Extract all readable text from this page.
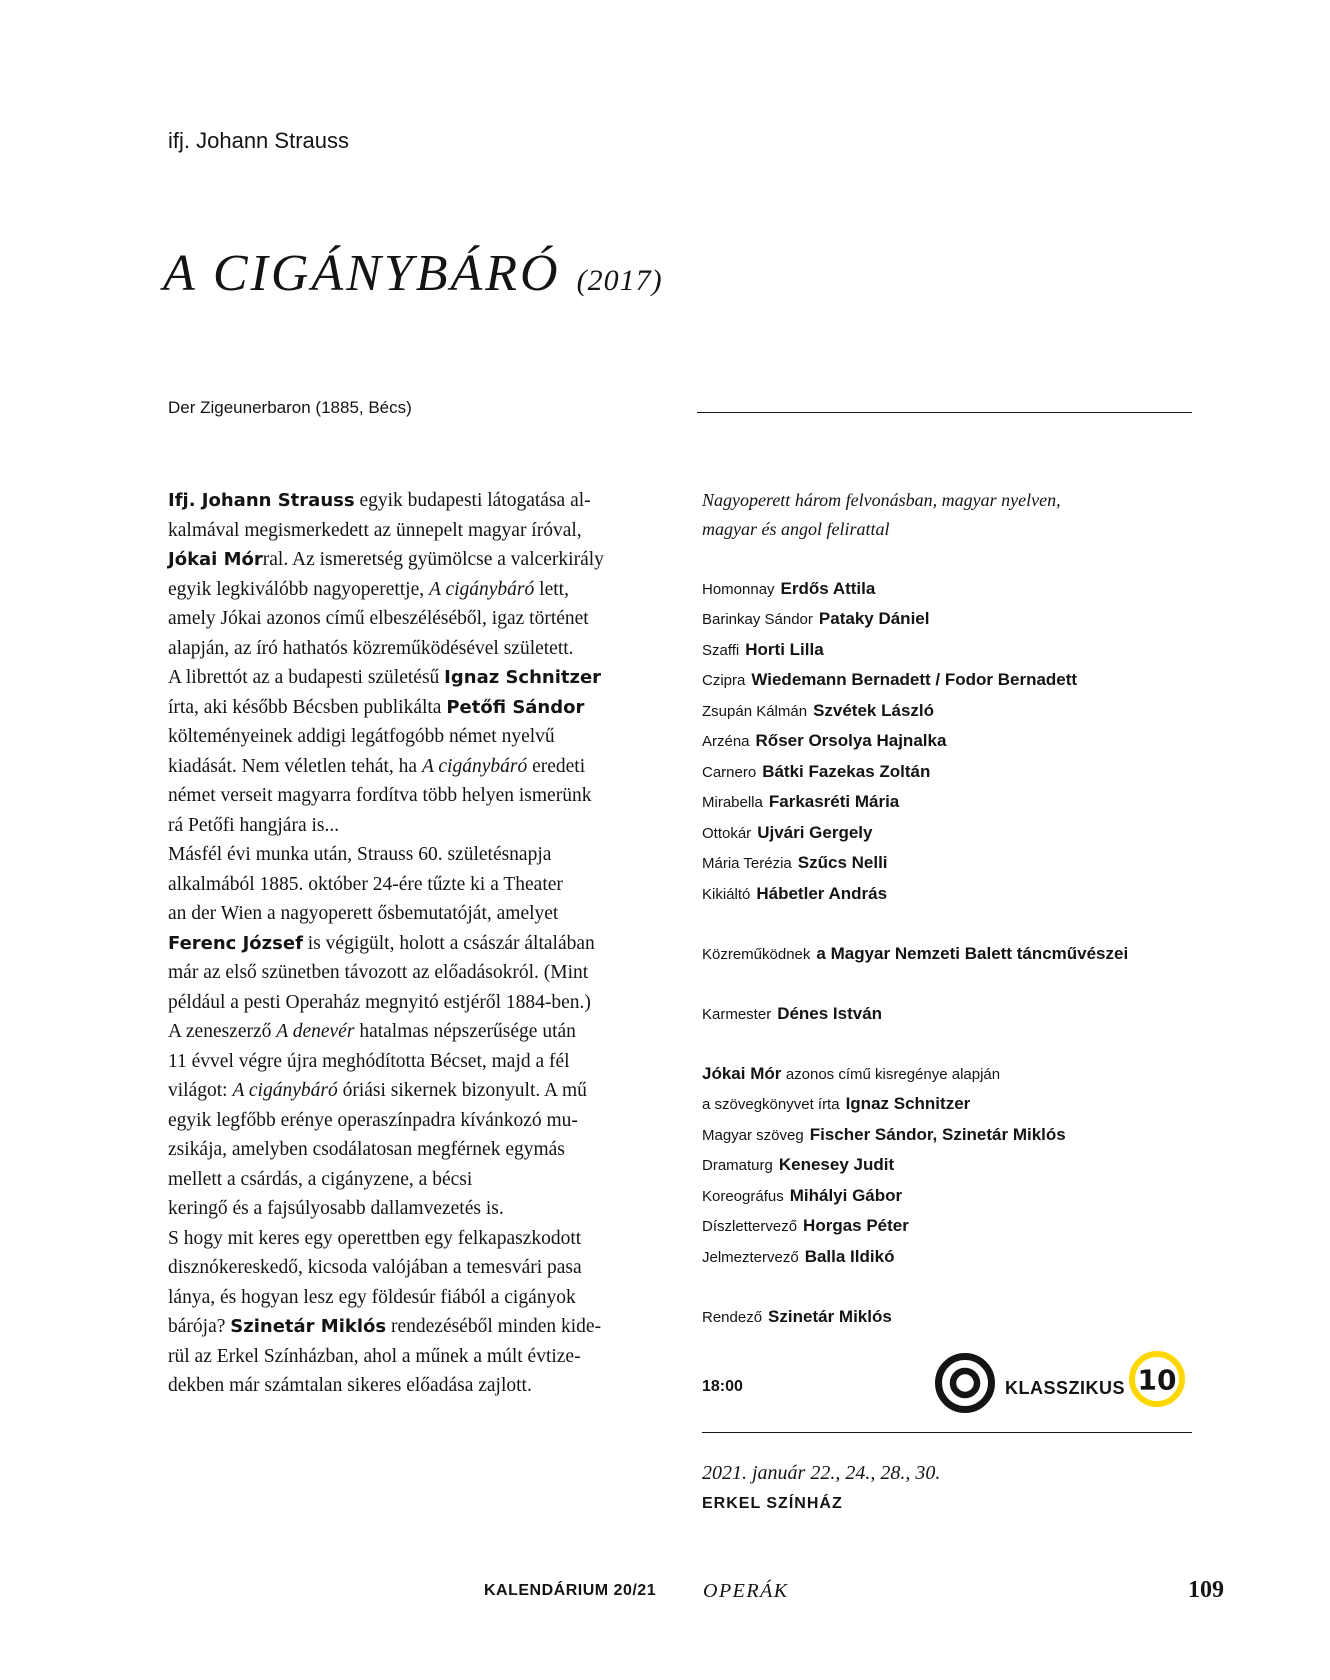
ifj. Johann Strauss
A CIGÁNYBÁRÓ (2017)
Der Zigeunerbaron (1885, Bécs)

Ifj. Johann Strauss egyik budapesti látogatása al-

kalmával megismerkedett az ünnepelt magyar íróval,

Jókai Mórral. Az ismeretség gyümölcse a valcerkirály

egyik legkiválóbb nagyoperettje, A cigánybáró lett,

amely Jókai azonos című elbeszéléséből, igaz történet

alapján, az író hathatós közreműködésével született.

A librettót az a budapesti születésű Ignaz Schnitzer

írta, aki később Bécsben publikálta Petőfi Sándor

költeményeinek addigi legátfogóbb német nyelvű

kiadását. Nem véletlen tehát, ha A cigánybáró eredeti

német verseit magyarra fordítva több helyen ismerünk

rá Petőfi hangjára is...

Másfél évi munka után, Strauss 60. születésnapja

alkalmából 1885. október 24-ére tűzte ki a Theater

an der Wien a nagyoperett ősbemutatóját, amelyet

Ferenc József is végigült, holott a császár általában

már az első szünetben távozott az előadásokról. (Mint

például a pesti Operaház megnyitó estjéről 1884-ben.)

A zeneszerző A denevér hatalmas népszerűsége után

11 évvel végre újra meghódította Bécset, majd a fél

világot: A cigánybáró óriási sikernek bizonyult. A mű

egyik legfőbb erénye operaszínpadra kívánkozó mu-

zsikája, amelyben csodálatosan megférnek egymás

mellett a csárdás, a cigányzene, a bécsi

keringő és a fajsúlyosabb dallamvezetés is.

S hogy mit keres egy operettben egy felkapaszkodott

disznókereskedő, kicsoda valójában a temesvári pasa

lánya, és hogyan lesz egy földesúr fiából a cigányok

bárója? Szinetár Miklós rendezéséből minden kide-

rül az Erkel Színházban, ahol a műnek a múlt évtize-

dekben már számtalan sikeres előadása zajlott.

Nagyoperett három felvonásban, magyar nyelven,
magyar és angol felirattal
Homonnay Erdős Attila
Barinkay Sándor Pataky Dániel
Szaffi Horti Lilla
Czipra Wiedemann Bernadett / Fodor Bernadett
Zsupán Kálmán Szvétek László
Arzéna Rőser Orsolya Hajnalka
Carnero Bátki Fazekas Zoltán
Mirabella Farkasréti Mária
Ottokár Ujvári Gergely
Mária Terézia Szűcs Nelli
Kikiáltó Hábetler András
Közreműködnek a Magyar Nemzeti Balett táncművészei
Karmester Dénes István
Jókai Mór azonos című kisregénye alapján
a szövegkönyvet írta Ignaz Schnitzer
Magyar szöveg Fischer Sándor, Szinetár Miklós
Dramaturg Kenesey Judit
Koreográfus Mihályi Gábor
Díszlettervező Horgas Péter
Jelmeztervező Balla Ildikó
Rendező Szinetár Miklós
18:00	KLASSZIKUS 10
2021. január 22., 24., 28., 30.
ERKEL SZÍNHÁZ
KALENDÁRIUM 20/21 OPERÁK	109
